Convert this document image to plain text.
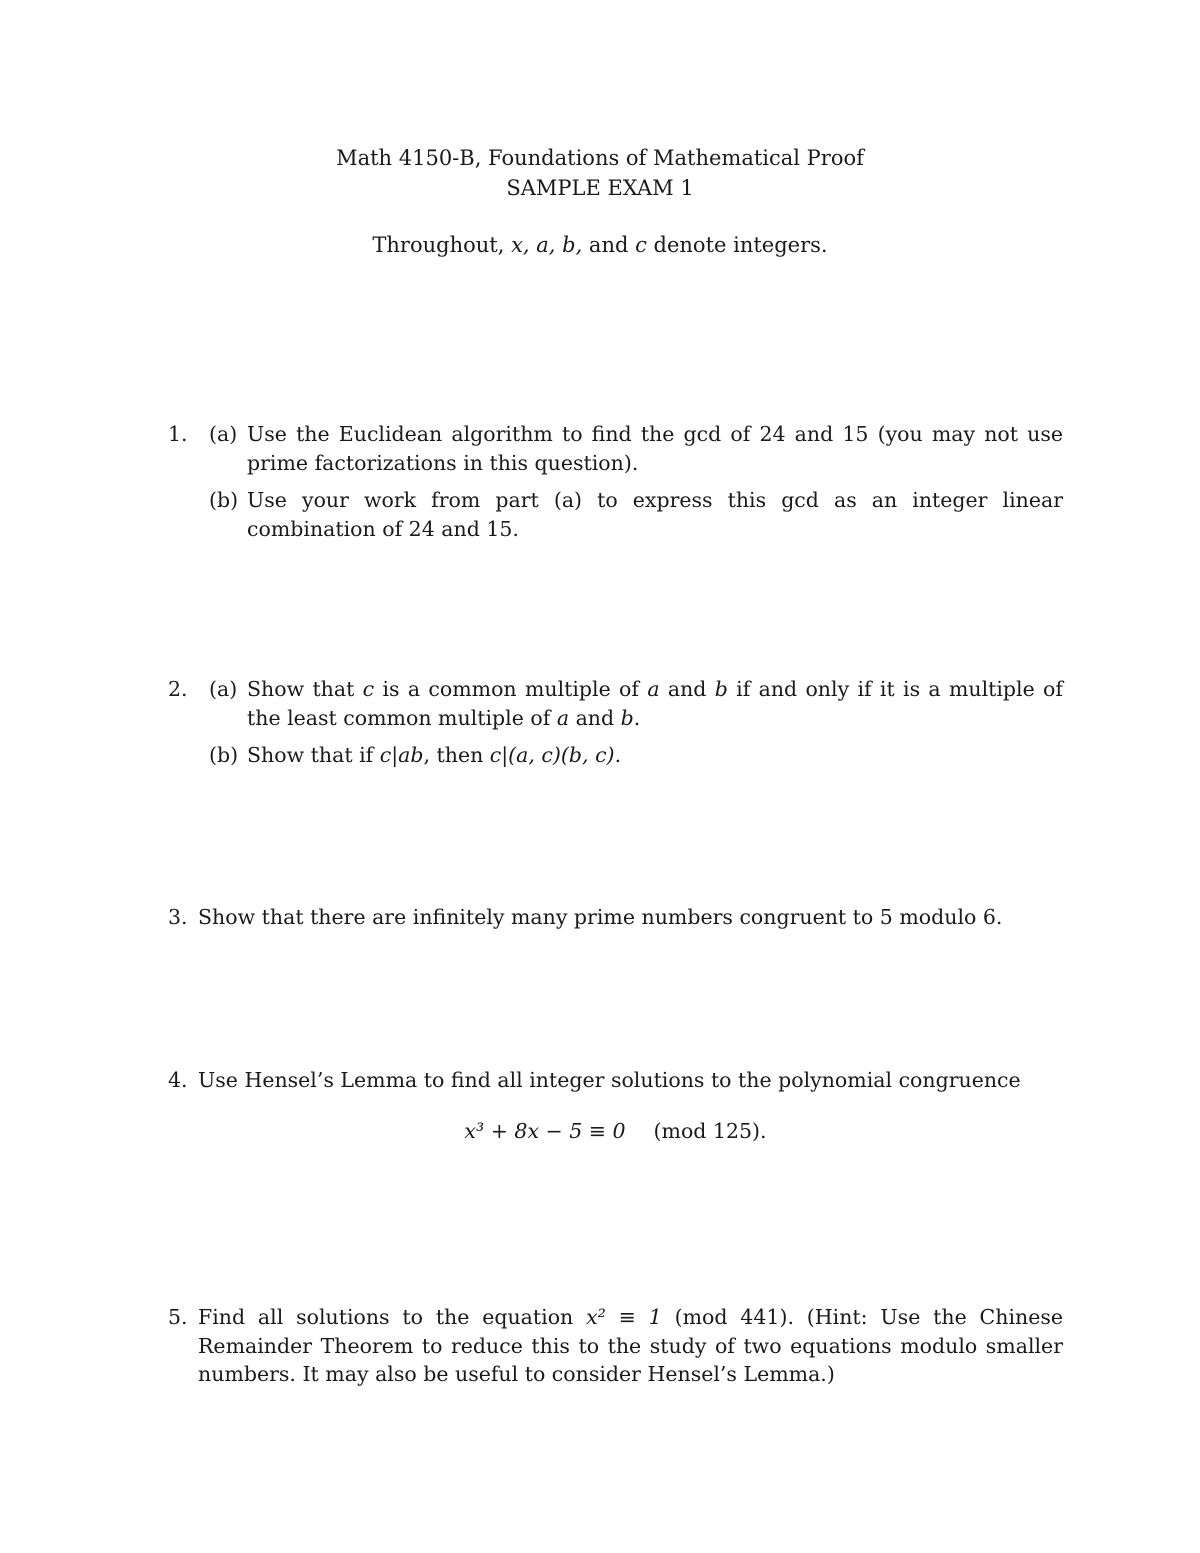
Math 4150-B, Foundations of Mathematical Proof
SAMPLE EXAM 1
Throughout, x, a, b, and c denote integers.
1.	(a) Use the Euclidean algorithm to find the gcd of 24 and 15 (you may not use prime factorizations in this question).
(b) Use your work from part (a) to express this gcd as an integer linear combination of 24 and 15.
2.	(a) Show that c is a common multiple of a and b if and only if it is a multiple of the least common multiple of a and b.
(b) Show that if c|ab, then c|(a, c)(b, c).
3. Show that there are infinitely many prime numbers congruent to 5 modulo 6.
4. Use Hensel’s Lemma to find all integer solutions to the polynomial congruence
x³ + 8x − 5 ≡ 0 (mod 125).
5. Find all solutions to the equation x² ≡ 1 (mod 441). (Hint: Use the Chinese Remainder Theorem to reduce this to the study of two equations modulo smaller numbers. It may also be useful to consider Hensel’s Lemma.)
